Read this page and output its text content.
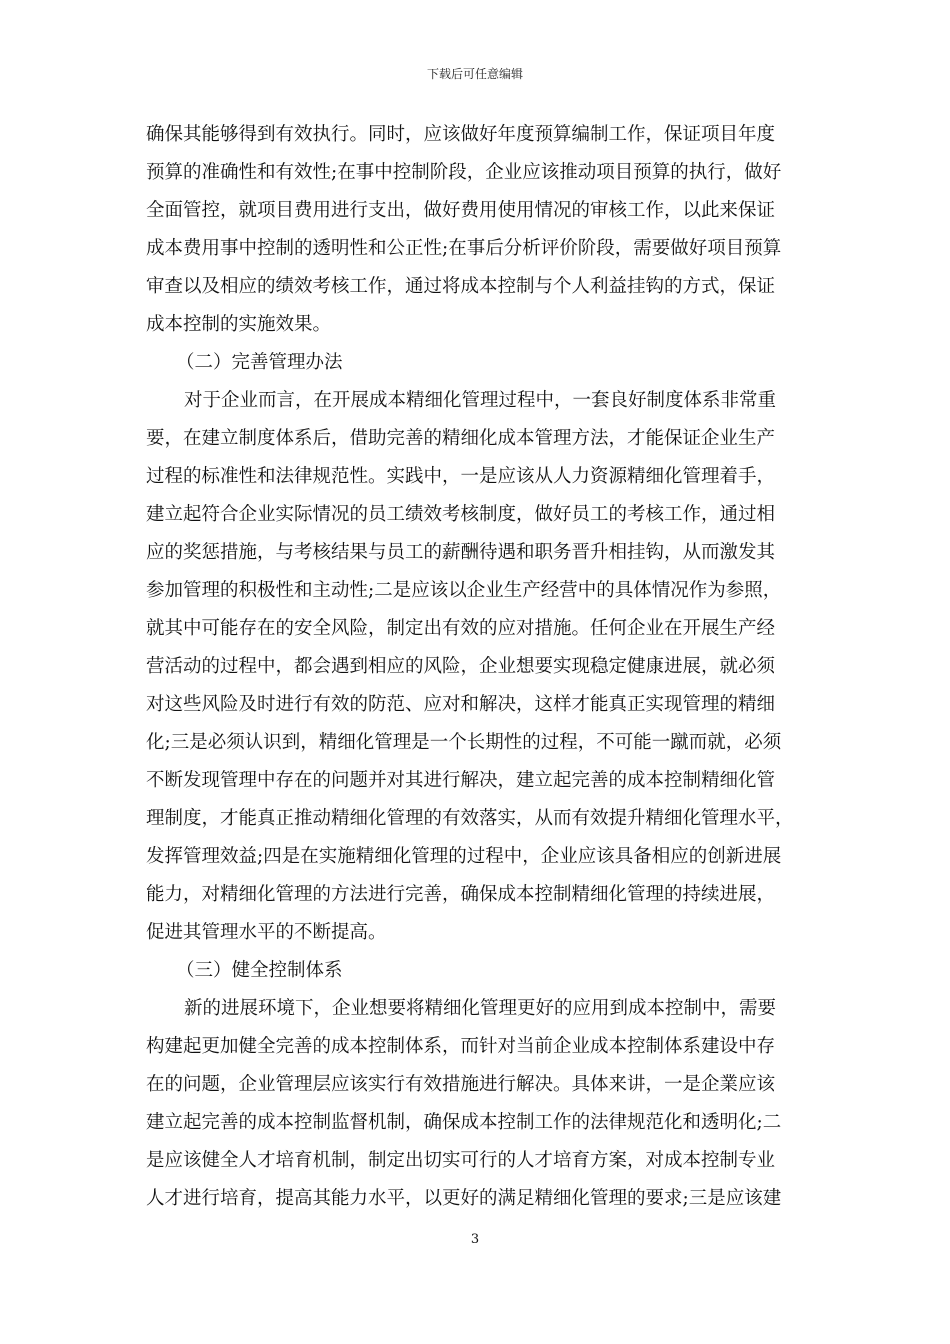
下载后可任意编辑
确保其能够得到有效执行。同时，应该做好年度预算编制工作，保证项目年度
预算的准确性和有效性;在事中控制阶段，企业应该推动项目预算的执行，做好
全面管控，就项目费用进行支出，做好费用使用情况的审核工作，以此来保证
成本费用事中控制的透明性和公正性;在事后分析评价阶段，需要做好项目预算
审查以及相应的绩效考核工作，通过将成本控制与个人利益挂钩的方式，保证
成本控制的实施效果。
（二）完善管理办法
对于企业而言，在开展成本精细化管理过程中，一套良好制度体系非常重
要，在建立制度体系后，借助完善的精细化成本管理方法，才能保证企业生产
过程的标准性和法律规范性。实践中，一是应该从人力资源精细化管理着手，
建立起符合企业实际情况的员工绩效考核制度，做好员工的考核工作，通过相
应的奖惩措施，与考核结果与员工的薪酬待遇和职务晋升相挂钩，从而激发其
参加管理的积极性和主动性;二是应该以企业生产经营中的具体情况作为参照，
就其中可能存在的安全风险，制定出有效的应对措施。任何企业在开展生产经
营活动的过程中，都会遇到相应的风险，企业想要实现稳定健康进展，就必须
对这些风险及时进行有效的防范、应对和解决，这样才能真正实现管理的精细
化;三是必须认识到，精细化管理是一个长期性的过程，不可能一蹴而就，必须
不断发现管理中存在的问题并对其进行解决，建立起完善的成本控制精细化管
理制度，才能真正推动精细化管理的有效落实，从而有效提升精细化管理水平，
发挥管理效益;四是在实施精细化管理的过程中，企业应该具备相应的创新进展
能力，对精细化管理的方法进行完善，确保成本控制精细化管理的持续进展，
促进其管理水平的不断提高。
（三）健全控制体系
新的进展环境下，企业想要将精细化管理更好的应用到成本控制中，需要
构建起更加健全完善的成本控制体系，而针对当前企业成本控制体系建设中存
在的问题，企业管理层应该实行有效措施进行解决。具体来讲，一是企業应该
建立起完善的成本控制监督机制，确保成本控制工作的法律规范化和透明化;二
是应该健全人才培育机制，制定出切实可行的人才培育方案，对成本控制专业
人才进行培育，提高其能力水平，以更好的满足精细化管理的要求;三是应该建
3
